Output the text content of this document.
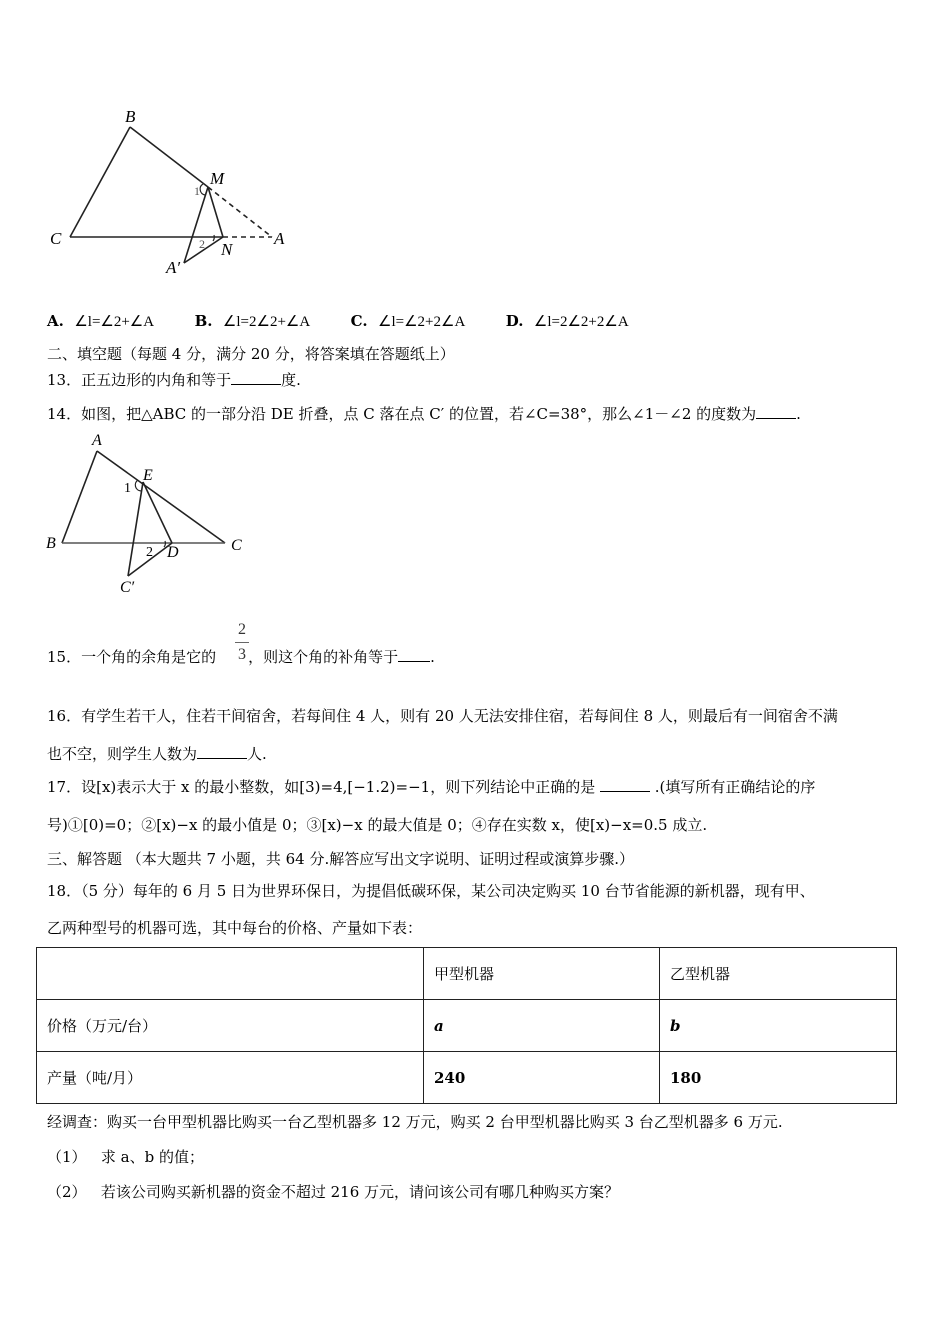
B
C
M
N
A
A′
1
2
A. ∠l=∠2+∠A	B. ∠l=2∠2+∠A	C. ∠l=∠2+2∠A	D. ∠l=2∠2+2∠A
二、填空题（每题 4 分，满分 20 分，将答案填在答题纸上）
13．正五边形的内角和等于	度.
14．如图，把△ABC 的一部分沿 DE 折叠，点 C 落在点 C′ 的位置，若∠C=38°，那么∠1－∠2 的度数为	.
A
B	C
E
D
C′
1
2
2
3
15．一个角的余角是它的 ，则这个角的补角等于 .
16．有学生若干人，住若干间宿舍，若每间住 4 人，则有 20 人无法安排住宿，若每间住 8 人，则最后有一间宿舍不满
也不空，则学生人数为	人.
17．设[x)表示大于 x 的最小整数，如[3)=4,[−1.2)=−1，则下列结论中正确的是	.(填写所有正确结论的序
号)①[0)=0；②[x)−x 的最小值是 0；③[x)−x 的最大值是 0；④存在实数 x，使[x)−x=0.5 成立.
三、解答题 （本大题共 7 小题，共 64 分.解答应写出文字说明、证明过程或演算步骤.）
18．（5 分）每年的 6 月 5 日为世界环保日，为提倡低碳环保，某公司决定购买 10 台节省能源的新机器，现有甲、
乙两种型号的机器可选，其中每台的价格、产量如下表：
	甲型机器	乙型机器
价格（万元/台）	a	b
产量（吨/月）	240	180
经调查：购买一台甲型机器比购买一台乙型机器多 12 万元，购买 2 台甲型机器比购买 3 台乙型机器多 6 万元.
（1） 求 a、b 的值；
（2） 若该公司购买新机器的资金不超过 216 万元，请问该公司有哪几种购买方案？
